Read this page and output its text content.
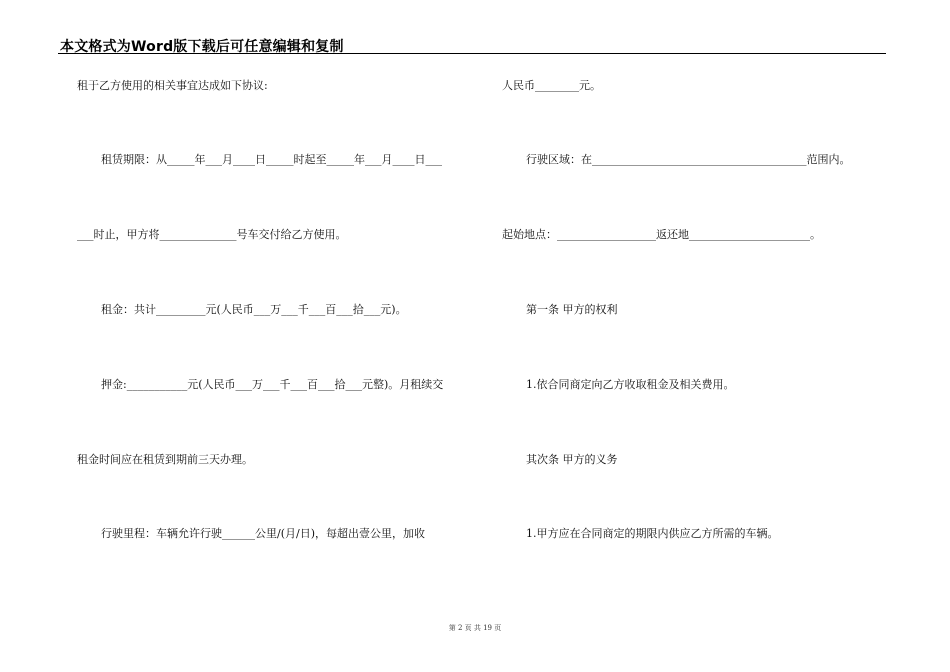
本文格式为Word版下载后可任意编辑和复制
租于乙方使用的相关事宜达成如下协议:
租赁期限：从_____年___月____日_____时起至_____年___月____日___
___时止，甲方将______________号车交付给乙方使用。
租金：共计_________元(人民币___万___千___百___拾___元)。
押金:___________元(人民币___万___千___百___拾___元整)。月租续交
租金时间应在租赁到期前三天办理。
行驶里程：车辆允许行驶______公里/(月/日)，每超出壹公里，加收
人民币________元。
行驶区域：在_______________________________________范围内。
起始地点：__________________返还地______________________。
第一条 甲方的权利
1.依合同商定向乙方收取租金及相关费用。
其次条 甲方的义务
1.甲方应在合同商定的期限内供应乙方所需的车辆。
第 2 页 共 19 页
